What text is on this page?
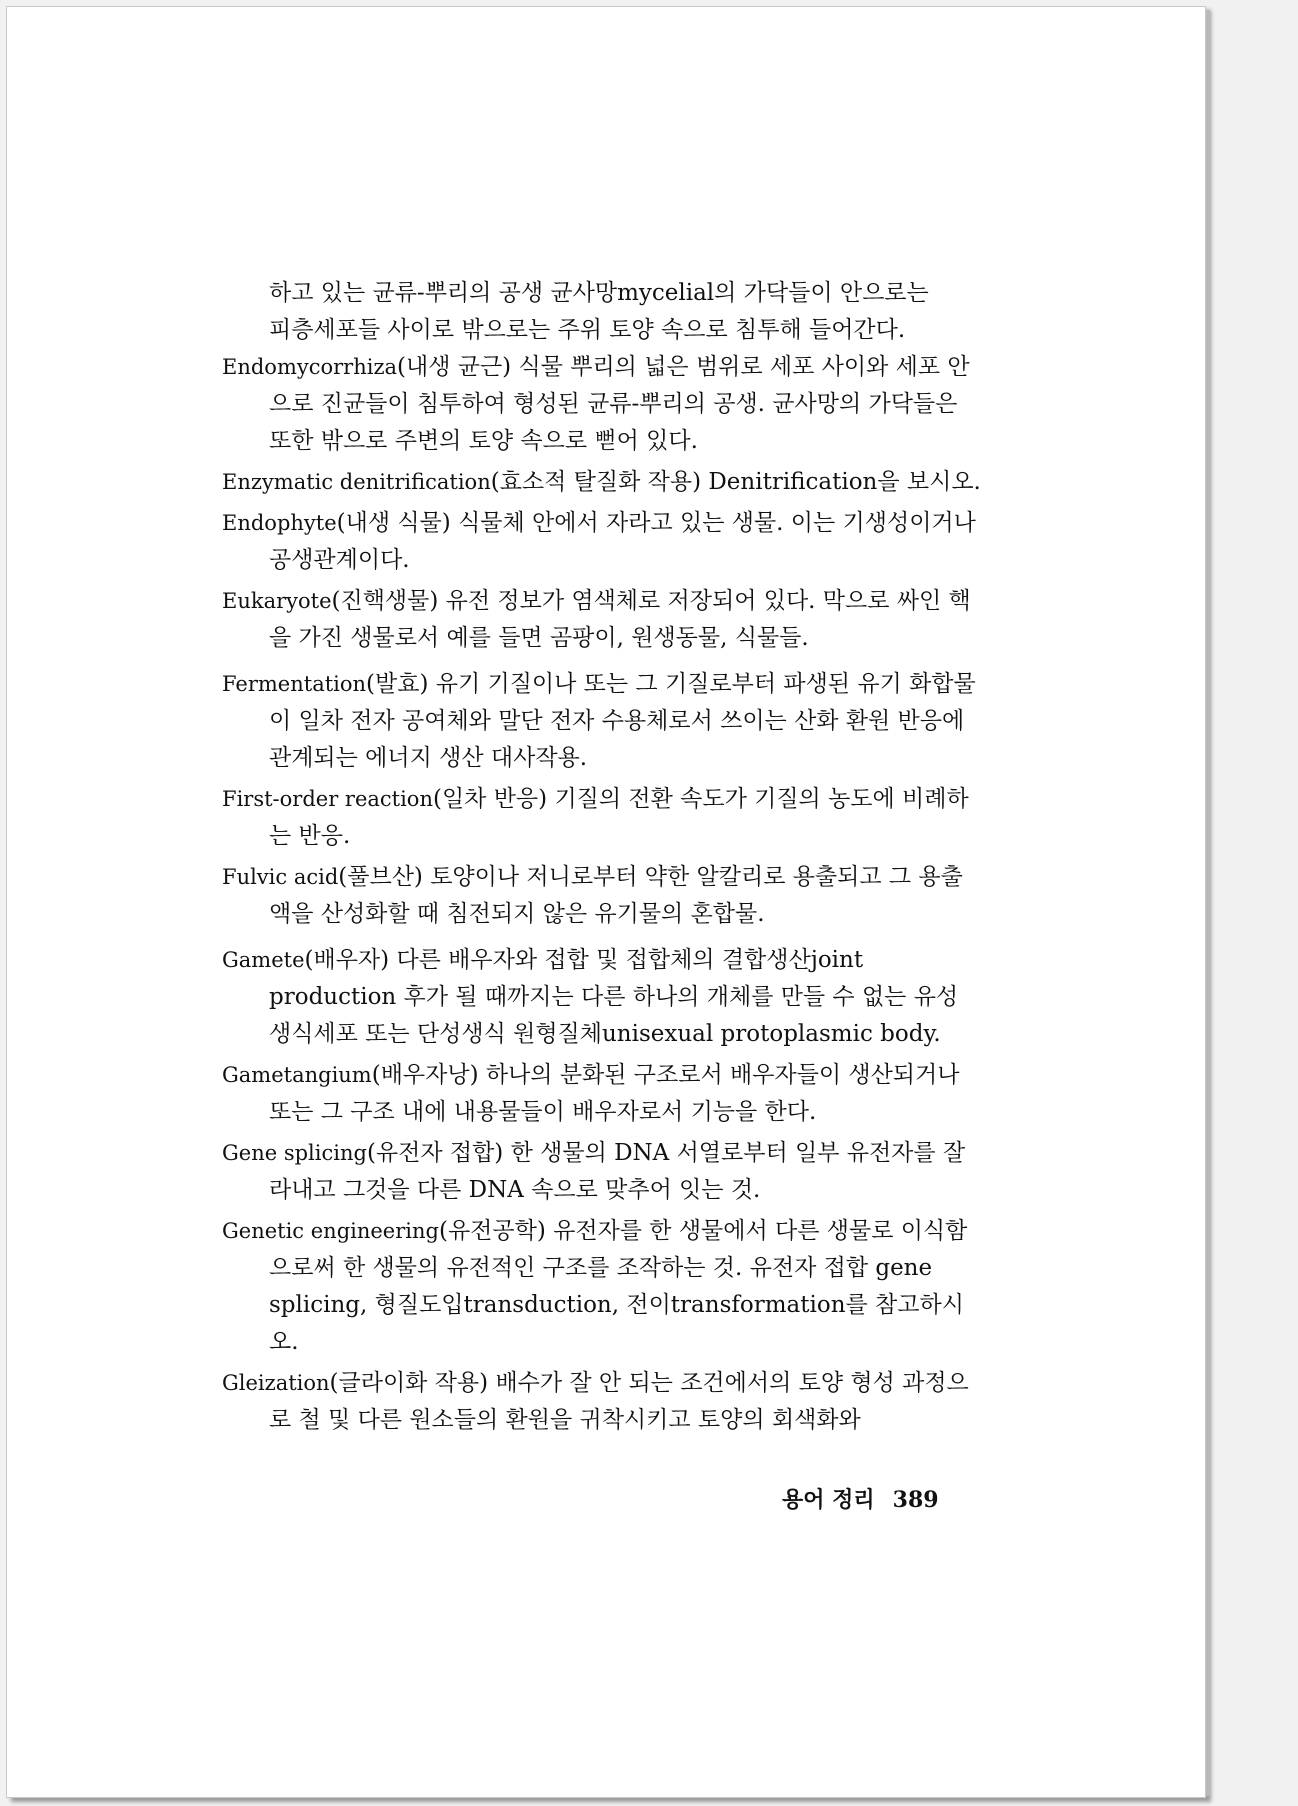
하고 있는 균류-뿌리의 공생 균사망mycelial의 가닥들이 안으로는

피층세포들 사이로 밖으로는 주위 토양 속으로 침투해 들어간다.

Endomycorrhiza(내생 균근) 식물 뿌리의 넓은 범위로 세포 사이와 세포 안으로 진균들이 침투하여 형성된 균류-뿌리의 공생. 균사망의 가닥들은 또한 밖으로 주변의 토양 속으로 뻗어 있다.

Enzymatic denitrification(효소적 탈질화 작용) Denitrification을 보시오.

Endophyte(내생 식물) 식물체 안에서 자라고 있는 생물. 이는 기생성이거나 공생관계이다.

Eukaryote(진핵생물) 유전 정보가 염색체로 저장되어 있다. 막으로 싸인 핵을 가진 생물로서 예를 들면 곰팡이, 원생동물, 식물들.

Fermentation(발효) 유기 기질이나 또는 그 기질로부터 파생된 유기 화합물이 일차 전자 공여체와 말단 전자 수용체로서 쓰이는 산화 환원 반응에 관계되는 에너지 생산 대사작용.

First-order reaction(일차 반응) 기질의 전환 속도가 기질의 농도에 비례하는 반응.

Fulvic acid(풀브산) 토양이나 저니로부터 약한 알칼리로 용출되고 그 용출액을 산성화할 때 침전되지 않은 유기물의 혼합물.

Gamete(배우자) 다른 배우자와 접합 및 접합체의 결합생산joint production 후가 될 때까지는 다른 하나의 개체를 만들 수 없는 유성 생식세포 또는 단성생식 원형질체unisexual protoplasmic body.

Gametangium(배우자낭) 하나의 분화된 구조로서 배우자들이 생산되거나 또는 그 구조 내에 내용물들이 배우자로서 기능을 한다.

Gene splicing(유전자 접합) 한 생물의 DNA 서열로부터 일부 유전자를 잘라내고 그것을 다른 DNA 속으로 맞추어 잇는 것.

Genetic engineering(유전공학) 유전자를 한 생물에서 다른 생물로 이식함으로써 한 생물의 유전적인 구조를 조작하는 것. 유전자 접합 gene splicing, 형질도입transduction, 전이transformation를 참고하시오.

Gleization(글라이화 작용) 배수가 잘 안 되는 조건에서의 토양 형성 과정으로 철 및 다른 원소들의 환원을 귀착시키고 토양의 회색화와

용어 정리 389
